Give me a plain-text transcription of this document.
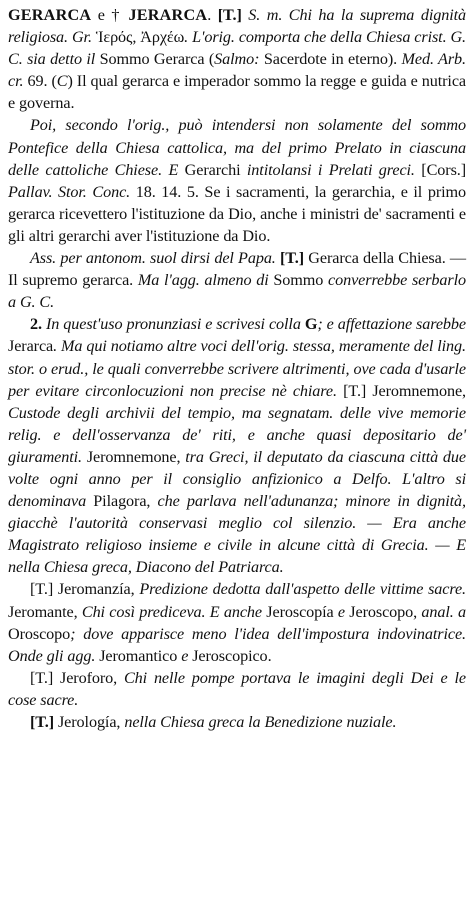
GERARCA e † JERARCA. [T.] S. m. Chi ha la suprema dignità religiosa. Gr. Ἱερός, Ἀρχέω. L'orig. comporta che della Chiesa crist. G. C. sia detto il Sommo Gerarca (Salmo: Sacerdote in eterno). Med. Arb. cr. 69. (C) Il qual gerarca e imperador sommo la regge e guida e nutrica e governa.

Poi, secondo l'orig., può intendersi non solamente del sommo Pontefice della Chiesa cattolica, ma del primo Prelato in ciascuna delle cattoliche Chiese. E Gerarchi intitolansi i Prelati greci. [Cors.] Pallav. Stor. Conc. 18. 14. 5. Se i sacramenti, la gerarchia, e il primo gerarca ricevettero l'istituzione da Dio, anche i ministri de' sacramenti e gli altri gerarchi aver l'istituzione da Dio.

Ass. per antonom. suol dirsi del Papa. [T.] Gerarca della Chiesa. — Il supremo gerarca. Ma l'agg. almeno di Sommo converrebbe serbarlo a G. C.

2. In quest'uso pronunziasi e scrivesi colla G; e affettazione sarebbe Jerarca. Ma qui notiamo altre voci dell'orig. stessa, meramente del ling. stor. o erud., le quali converrebbe scrivere altrimenti, ove cada d'usarle per evitare circonlocuzioni non precise nè chiare. [T.] Jeromnemone, Custode degli archivii del tempio, ma segnatam. delle vive memorie relig. e dell'osservanza de' riti, e anche quasi depositario de' giuramenti. Jeromnemone, tra Greci, il deputato da ciascuna città due volte ogni anno per il consiglio anfizionico a Delfo. L'altro si denominava Pilagora, che parlava nell'adunanza; minore in dignità, giacchè l'autorità conservasi meglio col silenzio. — Era anche Magistrato religioso insieme e civile in alcune città di Grecia. — E nella Chiesa greca, Diacono del Patriarca.

[T.] Jeromanzía, Predizione dedotta dall'aspetto delle vittime sacre. Jeromante, Chi così prediceva. E anche Jeroscopía e Jeroscopo, anal. a Oroscopo; dove apparisce meno l'idea dell'impostura indovinatrice. Onde gli agg. Jeromantico e Jeroscopico.

[T.] Jeroforo, Chi nelle pompe portava le imagini degli Dei e le cose sacre.

[T.] Jerología, nella Chiesa greca la Benedizione nuziale.
